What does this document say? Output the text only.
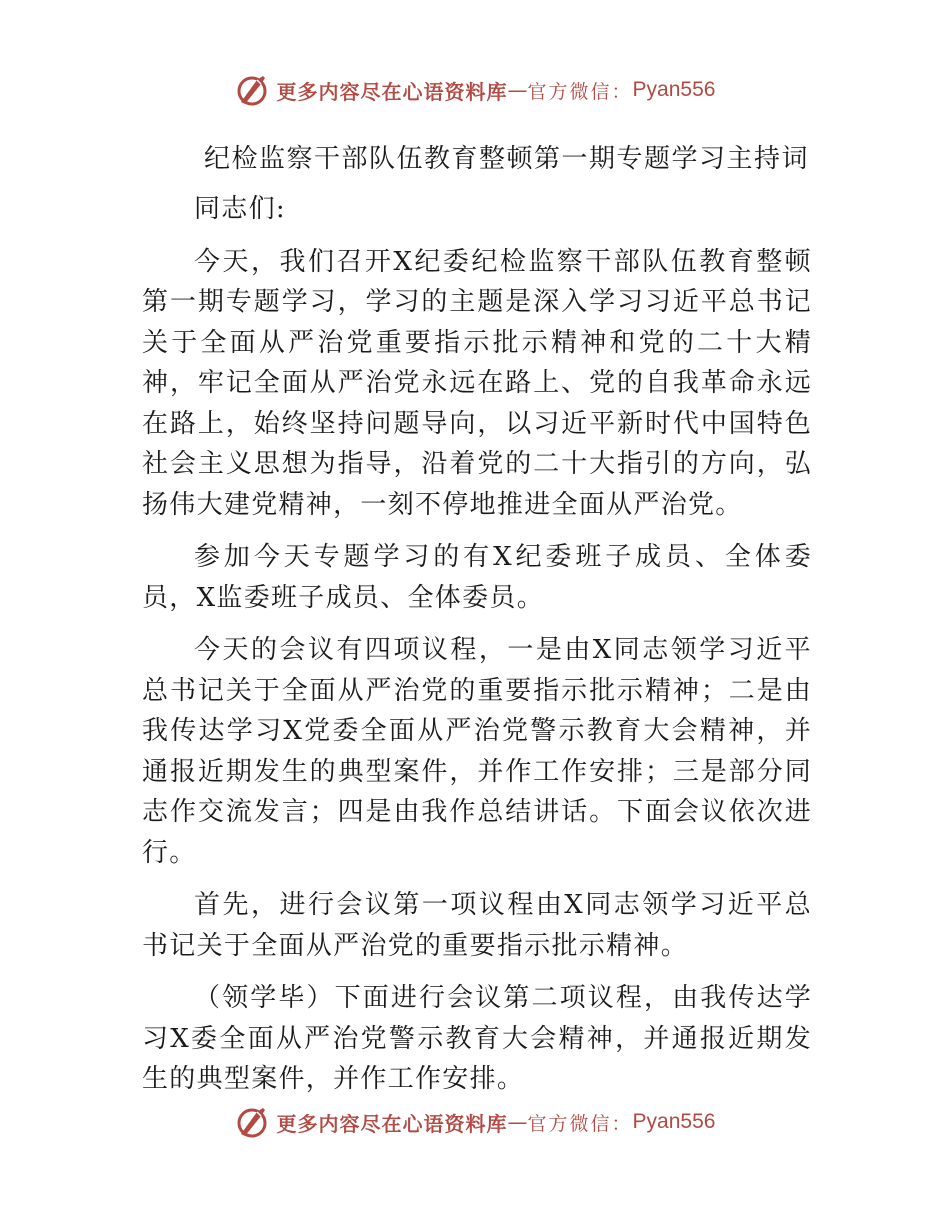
更多内容尽在心语资料库 — 官方微信： Pyan556
纪检监察干部队伍教育整顿第一期专题学习主持词
同志们:

今天，我们召开X纪委纪检监察干部队伍教育整顿第一期专题学习，学习的主题是深入学习习近平总书记关于全面从严治党重要指示批示精神和党的二十大精神，牢记全面从严治党永远在路上、党的自我革命永远在路上，始终坚持问题导向，以习近平新时代中国特色社会主义思想为指导，沿着党的二十大指引的方向，弘扬伟大建党精神，一刻不停地推进全面从严治党。

参加今天专题学习的有X纪委班子成员、全体委员，X监委班子成员、全体委员。

今天的会议有四项议程，一是由X同志领学习近平总书记关于全面从严治党的重要指示批示精神；二是由我传达学习X党委全面从严治党警示教育大会精神，并通报近期发生的典型案件，并作工作安排；三是部分同志作交流发言；四是由我作总结讲话。下面会议依次进行。

首先，进行会议第一项议程由X同志领学习近平总书记关于全面从严治党的重要指示批示精神。

（领学毕）下面进行会议第二项议程，由我传达学习X委全面从严治党警示教育大会精神，并通报近期发生的典型案件，并作工作安排。

更多内容尽在心语资料库 — 官方微信： Pyan556
